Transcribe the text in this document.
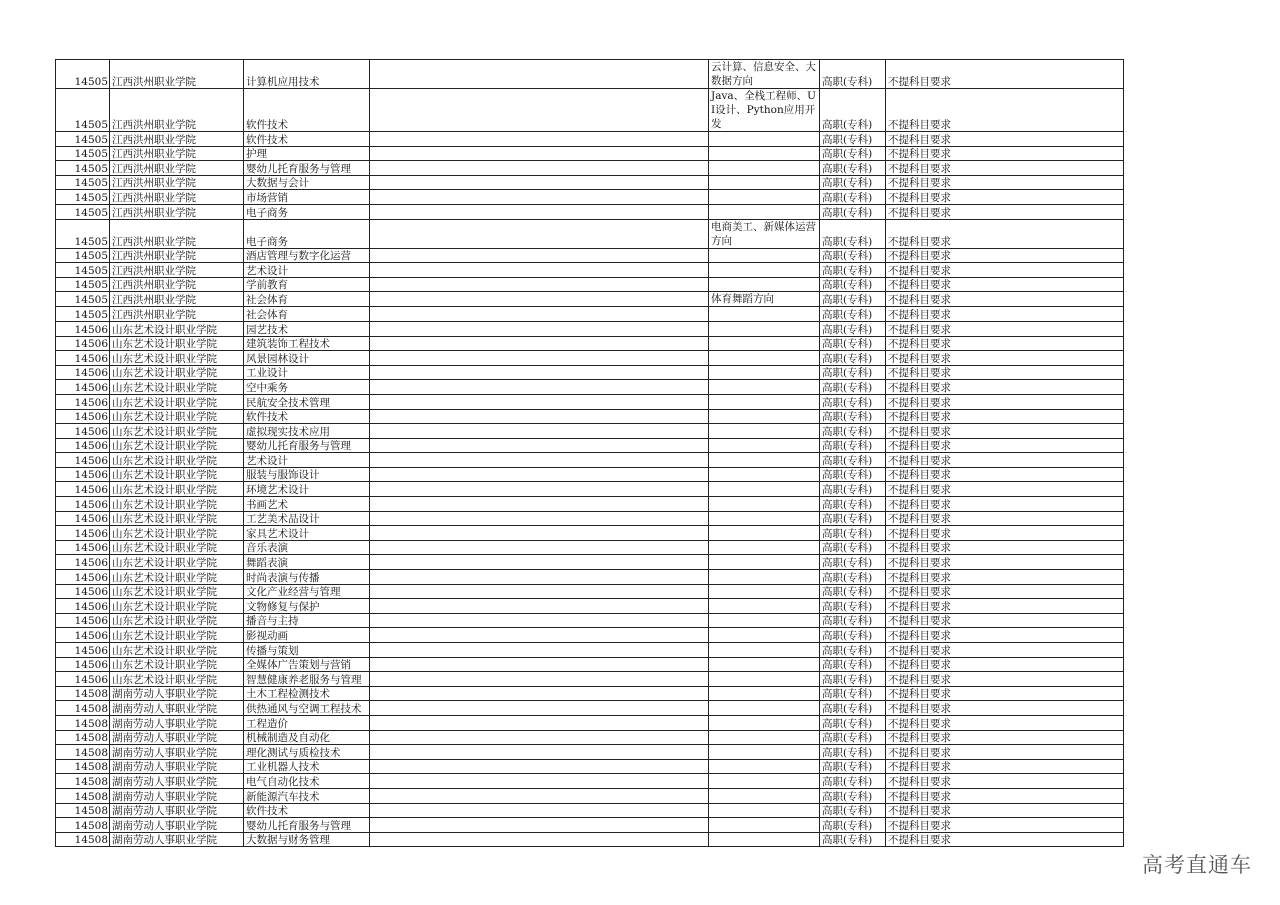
14505	江西洪州职业学院	计算机应用技术		云计算、信息安全、大数据方向	高职(专科)	不提科目要求
14505	江西洪州职业学院	软件技术		Java、全栈工程师、UI设计、Python应用开发	高职(专科)	不提科目要求
14505	江西洪州职业学院	软件技术			高职(专科)	不提科目要求
14505	江西洪州职业学院	护理			高职(专科)	不提科目要求
14505	江西洪州职业学院	婴幼儿托育服务与管理			高职(专科)	不提科目要求
14505	江西洪州职业学院	大数据与会计			高职(专科)	不提科目要求
14505	江西洪州职业学院	市场营销			高职(专科)	不提科目要求
14505	江西洪州职业学院	电子商务			高职(专科)	不提科目要求
14505	江西洪州职业学院	电子商务		电商美工、新媒体运营方向	高职(专科)	不提科目要求
14505	江西洪州职业学院	酒店管理与数字化运营			高职(专科)	不提科目要求
14505	江西洪州职业学院	艺术设计			高职(专科)	不提科目要求
14505	江西洪州职业学院	学前教育			高职(专科)	不提科目要求
14505	江西洪州职业学院	社会体育		体育舞蹈方向	高职(专科)	不提科目要求
14505	江西洪州职业学院	社会体育			高职(专科)	不提科目要求
14506	山东艺术设计职业学院	园艺技术			高职(专科)	不提科目要求
14506	山东艺术设计职业学院	建筑装饰工程技术			高职(专科)	不提科目要求
14506	山东艺术设计职业学院	风景园林设计			高职(专科)	不提科目要求
14506	山东艺术设计职业学院	工业设计			高职(专科)	不提科目要求
14506	山东艺术设计职业学院	空中乘务			高职(专科)	不提科目要求
14506	山东艺术设计职业学院	民航安全技术管理			高职(专科)	不提科目要求
14506	山东艺术设计职业学院	软件技术			高职(专科)	不提科目要求
14506	山东艺术设计职业学院	虚拟现实技术应用			高职(专科)	不提科目要求
14506	山东艺术设计职业学院	婴幼儿托育服务与管理			高职(专科)	不提科目要求
14506	山东艺术设计职业学院	艺术设计			高职(专科)	不提科目要求
14506	山东艺术设计职业学院	服装与服饰设计			高职(专科)	不提科目要求
14506	山东艺术设计职业学院	环境艺术设计			高职(专科)	不提科目要求
14506	山东艺术设计职业学院	书画艺术			高职(专科)	不提科目要求
14506	山东艺术设计职业学院	工艺美术品设计			高职(专科)	不提科目要求
14506	山东艺术设计职业学院	家具艺术设计			高职(专科)	不提科目要求
14506	山东艺术设计职业学院	音乐表演			高职(专科)	不提科目要求
14506	山东艺术设计职业学院	舞蹈表演			高职(专科)	不提科目要求
14506	山东艺术设计职业学院	时尚表演与传播			高职(专科)	不提科目要求
14506	山东艺术设计职业学院	文化产业经营与管理			高职(专科)	不提科目要求
14506	山东艺术设计职业学院	文物修复与保护			高职(专科)	不提科目要求
14506	山东艺术设计职业学院	播音与主持			高职(专科)	不提科目要求
14506	山东艺术设计职业学院	影视动画			高职(专科)	不提科目要求
14506	山东艺术设计职业学院	传播与策划			高职(专科)	不提科目要求
14506	山东艺术设计职业学院	全媒体广告策划与营销			高职(专科)	不提科目要求
14506	山东艺术设计职业学院	智慧健康养老服务与管理			高职(专科)	不提科目要求
14508	湖南劳动人事职业学院	土木工程检测技术			高职(专科)	不提科目要求
14508	湖南劳动人事职业学院	供热通风与空调工程技术			高职(专科)	不提科目要求
14508	湖南劳动人事职业学院	工程造价			高职(专科)	不提科目要求
14508	湖南劳动人事职业学院	机械制造及自动化			高职(专科)	不提科目要求
14508	湖南劳动人事职业学院	理化测试与质检技术			高职(专科)	不提科目要求
14508	湖南劳动人事职业学院	工业机器人技术			高职(专科)	不提科目要求
14508	湖南劳动人事职业学院	电气自动化技术			高职(专科)	不提科目要求
14508	湖南劳动人事职业学院	新能源汽车技术			高职(专科)	不提科目要求
14508	湖南劳动人事职业学院	软件技术			高职(专科)	不提科目要求
14508	湖南劳动人事职业学院	婴幼儿托育服务与管理			高职(专科)	不提科目要求
14508	湖南劳动人事职业学院	大数据与财务管理			高职(专科)	不提科目要求
高考直通车
